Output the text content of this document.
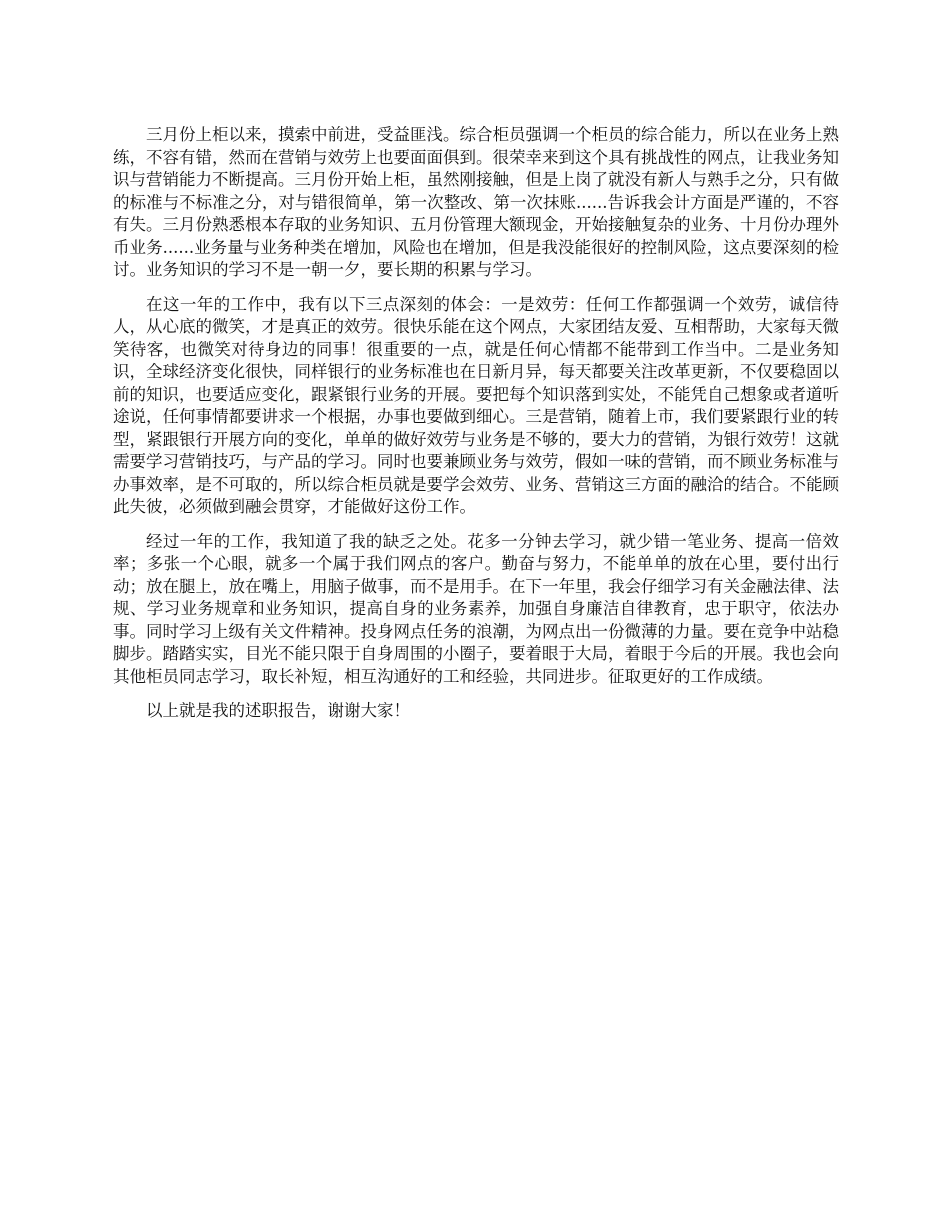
三月份上柜以来，摸索中前进，受益匪浅。综合柜员强调一个柜员的综合能力，所以在业务上熟练，不容有错，然而在营销与效劳上也要面面俱到。很荣幸来到这个具有挑战性的网点，让我业务知识与营销能力不断提高。三月份开始上柜，虽然刚接触，但是上岗了就没有新人与熟手之分，只有做的标准与不标准之分，对与错很简单，第一次整改、第一次抹账......告诉我会计方面是严谨的，不容有失。三月份熟悉根本存取的业务知识、五月份管理大额现金，开始接触复杂的业务、十月份办理外币业务......业务量与业务种类在增加，风险也在增加，但是我没能很好的控制风险，这点要深刻的检讨。业务知识的学习不是一朝一夕，要长期的积累与学习。

在这一年的工作中，我有以下三点深刻的体会：一是效劳：任何工作都强调一个效劳，诚信待人，从心底的微笑，才是真正的效劳。很快乐能在这个网点，大家团结友爱、互相帮助，大家每天微笑待客，也微笑对待身边的同事！很重要的一点，就是任何心情都不能带到工作当中。二是业务知识，全球经济变化很快，同样银行的业务标准也在日新月异，每天都要关注改革更新，不仅要稳固以前的知识，也要适应变化，跟紧银行业务的开展。要把每个知识落到实处，不能凭自己想象或者道听途说，任何事情都要讲求一个根据，办事也要做到细心。三是营销，随着上市，我们要紧跟行业的转型，紧跟银行开展方向的变化，单单的做好效劳与业务是不够的，要大力的营销，为银行效劳！这就需要学习营销技巧，与产品的学习。同时也要兼顾业务与效劳，假如一味的营销，而不顾业务标准与办事效率，是不可取的，所以综合柜员就是要学会效劳、业务、营销这三方面的融洽的结合。不能顾此失彼，必须做到融会贯穿，才能做好这份工作。

经过一年的工作，我知道了我的缺乏之处。花多一分钟去学习，就少错一笔业务、提高一倍效率；多张一个心眼，就多一个属于我们网点的客户。勤奋与努力，不能单单的放在心里，要付出行动；放在腿上，放在嘴上，用脑子做事，而不是用手。在下一年里，我会仔细学习有关金融法律、法规、学习业务规章和业务知识，提高自身的业务素养，加强自身廉洁自律教育，忠于职守，依法办事。同时学习上级有关文件精神。投身网点任务的浪潮，为网点出一份微薄的力量。要在竞争中站稳脚步。踏踏实实，目光不能只限于自身周围的小圈子，要着眼于大局，着眼于今后的开展。我也会向其他柜员同志学习，取长补短，相互沟通好的工和经验，共同进步。征取更好的工作成绩。

以上就是我的述职报告，谢谢大家！
